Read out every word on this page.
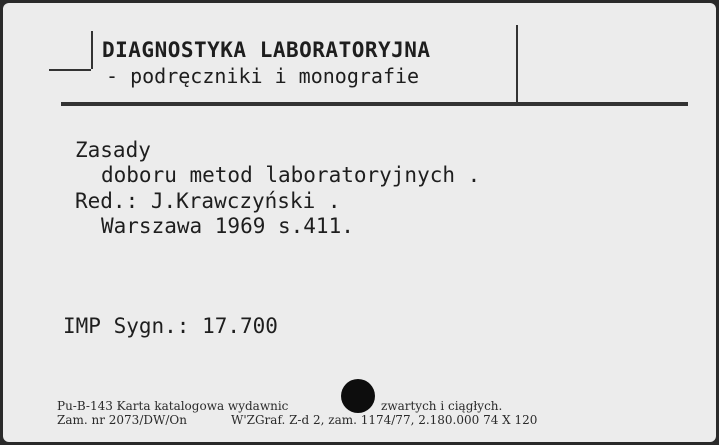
DIAGNOSTYKA LABORATORYJNA
- podręczniki i monografie
Zasady
doboru metod laboratoryjnych .
Red.: J.Krawczyński .
Warszawa 1969 s.411.
IMP Sygn.: 17.700
Pu-B-143 Karta katalogowa wydawnic	zwartych i ciągłych.
Zam. nr 2073/DW/On	W'ZGraf. Z-d 2, zam. 1174/77, 2.180.000 74 X 120
